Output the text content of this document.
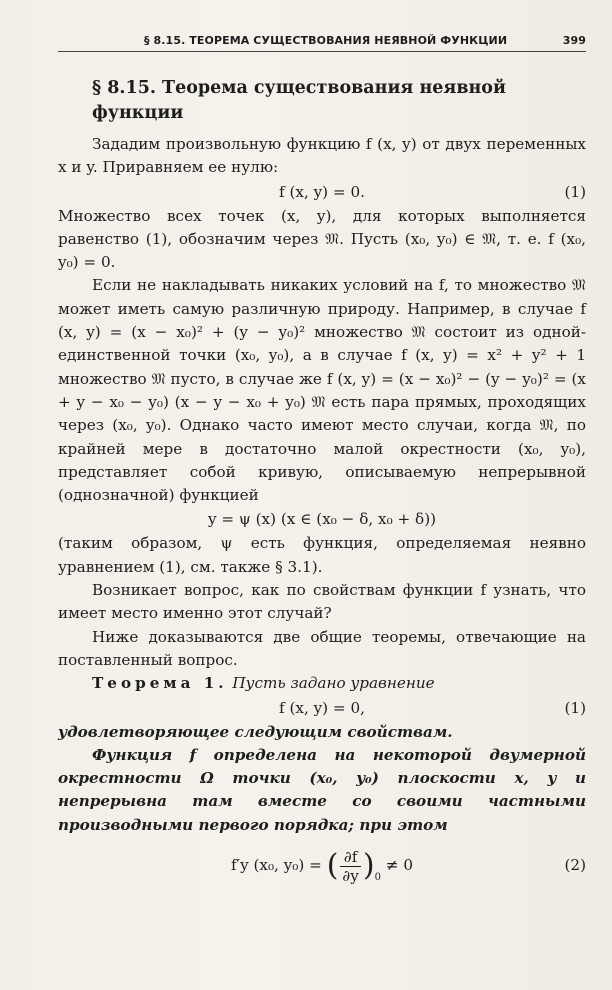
§ 8.15. ТЕОРЕМА СУЩЕСТВОВАНИЯ НЕЯВНОЙ ФУНКЦИИ	399
§ 8.15. Теорема существования неявной функции

Зададим произвольную функцию f (x, y) от двух переменных x и y. Приравняем ее нулю:

f (x, y) = 0.	(1)

Множество всех точек (x, y), для которых выполняется равенство (1), обозначим через 𝔐. Пусть (x₀, y₀) ∈ 𝔐, т. е. f (x₀, y₀) = 0.

Если не накладывать никаких условий на f, то множество 𝔐 может иметь самую различную природу. Например, в случае f (x, y) = (x − x₀)² + (y − y₀)² множество 𝔐 состоит из одной-единственной точки (x₀, y₀), а в случае f (x, y) = x² + y² + 1 множество 𝔐 пусто, в случае же f (x, y) = (x − x₀)² − (y − y₀)² = (x + y − x₀ − y₀) (x − y − x₀ + y₀) 𝔐 есть пара прямых, проходящих через (x₀, y₀). Однако часто имеют место случаи, когда 𝔐, по крайней мере в достаточно малой окрестности (x₀, y₀), представляет собой кривую, описываемую непрерывной (однозначной) функцией

y = ψ (x) (x ∈ (x₀ − δ, x₀ + δ))

(таким образом, ψ есть функция, определяемая неявно уравнением (1), см. также § 3.1).

Возникает вопрос, как по свойствам функции f узнать, что имеет место именно этот случай?

Ниже доказываются две общие теоремы, отвечающие на поставленный вопрос.

Теорема 1. Пусть задано уравнение

f (x, y) = 0,	(1)

удовлетворяющее следующим свойствам.

Функция f определена на некоторой двумерной окрестности Ω точки (x₀, y₀) плоскости x, y и непрерывна там вместе со своими частными производными первого порядка; при этом

f′y (x₀, y₀) = ( $\frac{\partial f}{\partial y} )_0 \ne 0$	(2)
